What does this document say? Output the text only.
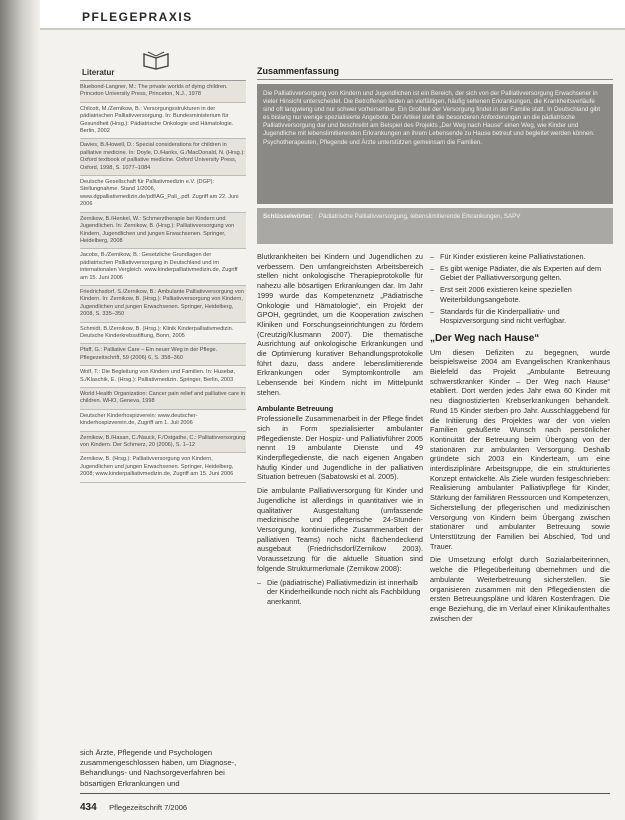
PFLEGEPRAXIS
Literatur
Bluebond-Langner, M.: The private worlds of dying children. Princeton University Press, Princeton, N.J., 1978
Chilcott, M./Zernikow, B.: Versorgungsstrukturen in der pädiatrischen Palliativversorgung. In: Bundesministerium für Gesundheit (Hrsg.): Pädiatrische Onkologie und Hämatologie. Berlin, 2002
Davies, B./Howell, D.: Special considerations for children in palliative medicine. In: Doyle, D./Hanks, G./MacDonald, N. (Hrsg.): Oxford textbook of palliative medicine. Oxford University Press, Oxford, 1998, S. 1077–1084
Deutsche Gesellschaft für Palliativmedizin e.V. (DGP): Stellungnahme. Stand 1/2006, www.dgpalliativmedizin.de/pdf/AG_Pall_.pdf. Zugriff am 22. Juni 2006
Zernikow, B./Henkel, W.: Schmerztherapie bei Kindern und Jugendlichen. In: Zernikow, B. (Hrsg.): Palliativversorgung von Kindern, Jugendlichen und jungen Erwachsenen. Springer, Heidelberg, 2008
Jacobs, B./Zernikow, B.: Gesetzliche Grundlagen der pädiatrischen Palliativversorgung in Deutschland und im internationalen Vergleich. www.kinderpalliativmedizin.de, Zugriff am 15. Juni 2006
Friedrichsdorf, S./Zernikow, B.: Ambulante Palliativversorgung von Kindern. In: Zernikow, B. (Hrsg.): Palliativversorgung von Kindern, Jugendlichen und jungen Erwachsenen. Springer, Heidelberg, 2008, S. 335–350
Schmidt, B./Zernikow, B. (Hrsg.): Klinik Kinderpalliativmedizin. Deutsche Kinderkrebsstiftung, Bonn, 2005
Pfaff, G.: Palliative Care – Ein neuer Weg in der Pflege. Pflegezeitschrift, 59 (2006) 6, S. 358–360
Wolf, T.: Die Begleitung von Kindern und Familien. In: Husebø, S./Klaschik, E. (Hrsg.): Palliativmedizin. Springer, Berlin, 2003
World Health Organization: Cancer pain relief and palliative care in children. WHO, Geneva, 1998
Deutscher Kinderhospizverein: www.deutscher-kinderhospizverein.de, Zugriff am 1. Juli 2006
Zernikow, B./Hasan, C./Nauck, F./Ostgathe, C.: Palliativversorgung von Kindern. Der Schmerz, 20 (2006), S. 1–12
Zernikow, B. (Hrsg.): Palliativversorgung von Kindern, Jugendlichen und jungen Erwachsenen. Springer, Heidelberg, 2008; www.kinderpalliativmedizin.de, Zugriff am 15. Juni 2006
sich Ärzte, Pflegende und Psychologen zusammengeschlossen haben, um Diagnose-, Behandlungs- und Nachsorgeverfahren bei bösartigen Erkrankungen und
Zusammenfassung
Die Palliativversorgung von Kindern und Jugendlichen ist ein Bereich, der sich von der Palliativversorgung Erwachsener in vieler Hinsicht unterscheidet. Die Betroffenen leiden an vielfältigen, häufig seltenen Erkrankungen, die Krankheitsverläufe sind oft langwierig und nur schwer vorhersehbar. Ein Großteil der Versorgung findet in der Familie statt. In Deutschland gibt es bislang nur wenige spezialisierte Angebote. Der Artikel stellt die besonderen Anforderungen an die pädiatrische Palliativversorgung dar und beschreibt am Beispiel des Projekts „Der Weg nach Hause“ einen Weg, wie Kinder und Jugendliche mit lebenslimitierenden Erkrankungen an ihrem Lebensende zu Hause betreut und begleitet werden können. Psychotherapeuten, Pflegende und Ärzte unterstützen gemeinsam die Familien.
Schlüsselwörter: Pädiatrische Palliativversorgung, lebenslimitierende Erkrankungen, SAPV

Blutkrankheiten bei Kindern und Jugendlichen zu verbessern. Den umfangreichsten Arbeitsbereich stellen nicht onkologische Therapieprotokolle für nahezu alle bösartigen Erkrankungen dar. Im Jahr 1999 wurde das Kompetenznetz „Pädiatrische Onkologie und Hämatologie“, ein Projekt der GPOH, gegründet, um die Kooperation zwischen Kliniken und Forschungseinrichtungen zu fördern (Creutzig/Klusmann 2007). Die thematische Ausrichtung auf onkologische Erkrankungen und die Optimierung kurativer Behandlungsprotokolle führt dazu, dass andere lebenslimitierende Erkrankungen oder Symptomkontrolle am Lebensende bei Kindern nicht im Mittelpunkt stehen.

Ambulante Betreuung

Professionelle Zusammenarbeit in der Pflege findet sich in Form spezialisierter ambulanter Pflegedienste. Der Hospiz- und Palliativführer 2005 nennt 19 ambulante Dienste und 49 Kinderpflegedienste, die nach eigenen Angaben häufig Kinder und Jugendliche in der palliativen Situation betreuen (Sabatowski et al. 2005).

Die ambulante Palliativversorgung für Kinder und Jugendliche ist allerdings in quantitativer wie in qualitativer Ausgestaltung (umfassende medizinische und pflegerische 24-Stunden-Versorgung, kontinuierliche Zusammenarbeit der palliativen Teams) noch nicht flächendeckend ausgebaut (Friedrichsdorf/Zernikow 2003). Voraussetzung für die aktuelle Situation sind folgende Strukturmerkmale (Zernikow 2008):

– Die (pädiatrische) Palliativmedizin ist innerhalb der Kinderheilkunde noch nicht als Fachbildung anerkannt.
– Für Kinder existieren keine Palliativstationen.
– Es gibt wenige Pädiater, die als Experten auf dem Gebiet der Palliativversorgung gelten.
– Erst seit 2006 existieren keine speziellen Weiterbildungsangebote.
– Standards für die Kinderpalliativ- und Hospizversorgung sind nicht verfügbar.
„Der Weg nach Hause“

Um diesen Defiziten zu begegnen, wurde beispielsweise 2004 am Evangelischen Krankenhaus Bielefeld das Projekt „Ambulante Betreuung schwerstkranker Kinder – Der Weg nach Hause“ etabliert. Dort werden jedes Jahr etwa 60 Kinder mit neu diagnostizierten Krebserkrankungen behandelt. Rund 15 Kinder sterben pro Jahr. Ausschlaggebend für die Initiierung des Projektes war der von vielen Familien geäußerte Wunsch nach persönlicher Kontinuität der Betreuung beim Übergang von der stationären zur ambulanten Versorgung. Deshalb gründete sich 2003 ein Kinderteam, um eine interdisziplinäre Arbeitsgruppe, die ein strukturiertes Konzept entwickelte. Als Ziele wurden festgeschrieben: Realisierung ambulanter Palliativpflege für Kinder, Stärkung der familiären Ressourcen und Kompetenzen, Sicherstellung der pflegerischen und medizinischen Versorgung von Kindern beim Übergang zwischen stationärer und ambulanter Betreuung sowie Unterstützung der Familien bei Abschied, Tod und Trauer.

Die Umsetzung erfolgt durch Sozialarbeiterinnen, welche die Pflegeüberleitung übernehmen und die ambulante Weiterbetreuung sicherstellen. Sie organisieren zusammen mit den Pflegediensten die ersten Betreuungspläne und klären Kostenfragen. Die enge Beziehung, die im Verlauf einer Klinikaufenthaltes zwischen der

434 Pflegezeitschrift 7/2006
